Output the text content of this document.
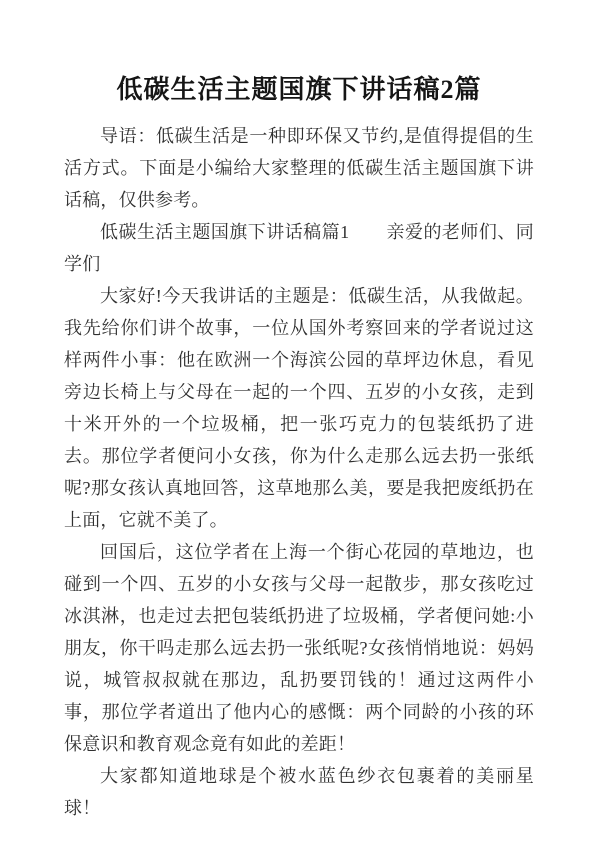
低碳生活主题国旗下讲话稿2篇

导语：低碳生活是一种即环保又节约,是值得提倡的生活方式。下面是小编给大家整理的低碳生活主题国旗下讲话稿，仅供参考。

低碳生活主题国旗下讲话稿篇1　　亲爱的老师们、同学们

大家好!今天我讲话的主题是：低碳生活，从我做起。我先给你们讲个故事，一位从国外考察回来的学者说过这样两件小事：他在欧洲一个海滨公园的草坪边休息，看见旁边长椅上与父母在一起的一个四、五岁的小女孩，走到十米开外的一个垃圾桶，把一张巧克力的包装纸扔了进去。那位学者便问小女孩，你为什么走那么远去扔一张纸呢?那女孩认真地回答，这草地那么美，要是我把废纸扔在上面，它就不美了。

回国后，这位学者在上海一个街心花园的草地边，也碰到一个四、五岁的小女孩与父母一起散步，那女孩吃过冰淇淋，也走过去把包装纸扔进了垃圾桶，学者便问她:小朋友，你干吗走那么远去扔一张纸呢?女孩悄悄地说：妈妈说，城管叔叔就在那边，乱扔要罚钱的！通过这两件小事，那位学者道出了他内心的感慨：两个同龄的小孩的环保意识和教育观念竟有如此的差距！

大家都知道地球是个被水蓝色纱衣包裹着的美丽星球！
